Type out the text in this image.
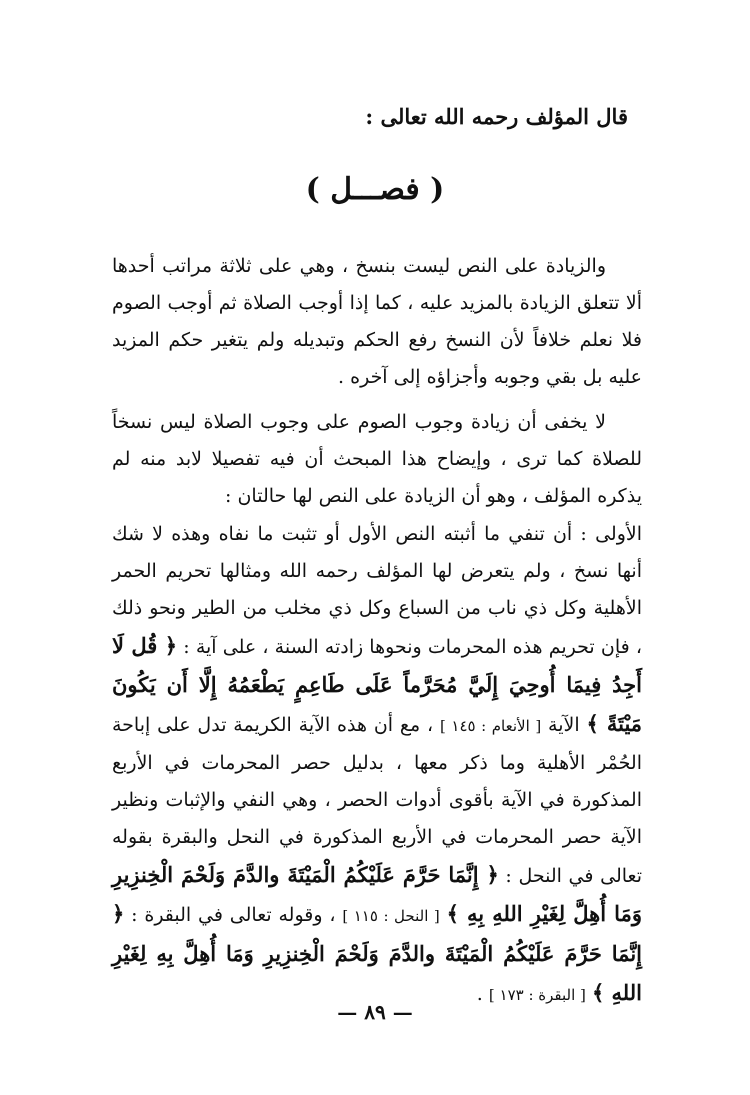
قال المؤلف رحمه الله تعالى :
( فصـــل )
والزيادة على النص ليست بنسخ ، وهي على ثلاثة مراتب أحدها ألا تتعلق الزيادة بالمزيد عليه ، كما إذا أوجب الصلاة ثم أوجب الصوم فلا نعلم خلافاً لأن النسخ رفع الحكم وتبديله ولم يتغير حكم المزيد عليه بل بقي وجوبه وأجزاؤه إلى آخره .
لا يخفى أن زيادة وجوب الصوم على وجوب الصلاة ليس نسخاً للصلاة كما ترى ، وإيضاح هذا المبحث أن فيه تفصيلا لابد منه لم يذكره المؤلف ، وهو أن الزيادة على النص لها حالتان :
الأولى : أن تنفي ما أثبته النص الأول أو تثبت ما نفاه وهذه لا شك أنها نسخ ، ولم يتعرض لها المؤلف رحمه الله ومثالها تحريم الحمر الأهلية وكل ذي ناب من السباع وكل ذي مخلب من الطير ونحو ذلك ، فإن تحريم هذه المحرمات ونحوها زادته السنة ، على آية : ﴿ قُل لَا أَجِدُ فِيمَا أُوحِيَ إِلَيَّ مُحَرَّماً عَلَى طَاعِمٍ يَطْعَمُهُ إِلَّا أَن يَكُونَ مَيْتَةً ﴾ الآية [ الأنعام : ١٤٥ ] ، مع أن هذه الآية الكريمة تدل على إباحة الحُمْر الأهلية وما ذكر معها ، بدليل حصر المحرمات في الأربع المذكورة في الآية بأقوى أدوات الحصر ، وهي النفي والإثبات ونظير الآية حصر المحرمات في الأربع المذكورة في النحل والبقرة بقوله تعالى في النحل : ﴿ إِنَّمَا حَرَّمَ عَلَيْكُمُ الْمَيْتَةَ والدَّمَ وَلَحْمَ الْخِنزِيرِ وَمَا أُهِلَّ لِغَيْرِ اللهِ بِهِ ﴾ [ النحل : ١١٥ ] ، وقوله تعالى في البقرة : ﴿ إِنَّمَا حَرَّمَ عَلَيْكُمُ الْمَيْتَةَ والدَّمَ وَلَحْمَ الْخِنزِيرِ وَمَا أُهِلَّ بِهِ لِغَيْرِ اللهِ ﴾ [ البقرة : ١٧٣ ] .
— ٨٩ —
